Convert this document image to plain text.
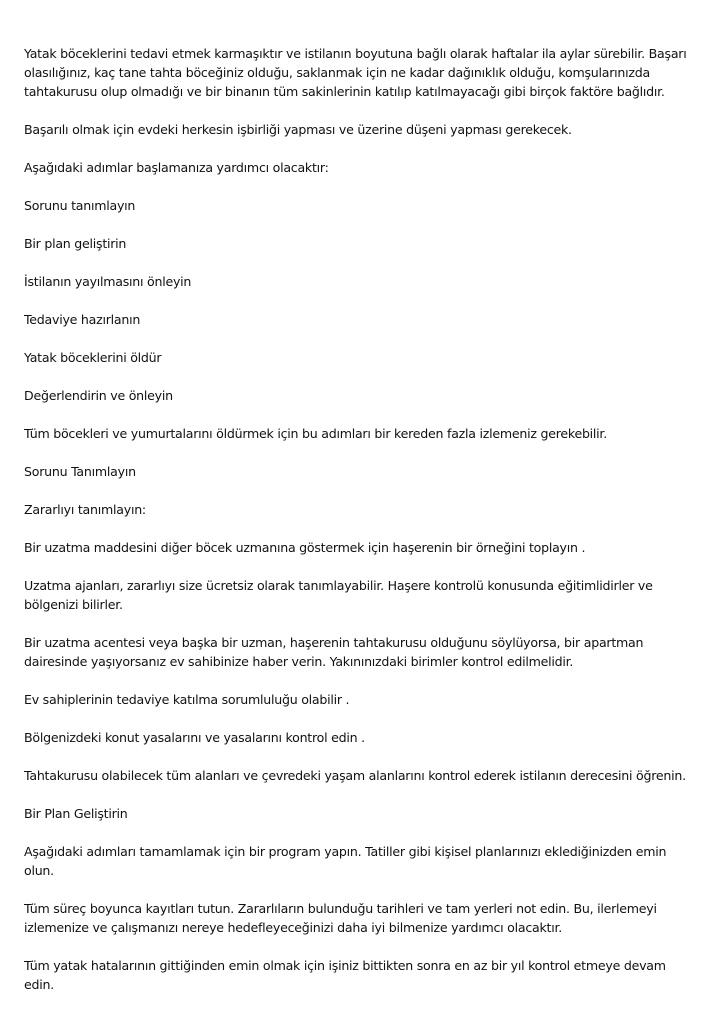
Yatak böceklerini tedavi etmek karmaşıktır ve istilanın boyutuna bağlı olarak haftalar ila aylar sürebilir. Başarı olasılığınız, kaç tane tahta böceğiniz olduğu, saklanmak için ne kadar dağınıklık olduğu, komşularınızda tahtakurusu olup olmadığı ve bir binanın tüm sakinlerinin katılıp katılmayacağı gibi birçok faktöre bağlıdır.

Başarılı olmak için evdeki herkesin işbirliği yapması ve üzerine düşeni yapması gerekecek.

Aşağıdaki adımlar başlamanıza yardımcı olacaktır:

Sorunu tanımlayın

Bir plan geliştirin

İstilanın yayılmasını önleyin

Tedaviye hazırlanın

Yatak böceklerini öldür

Değerlendirin ve önleyin

Tüm böcekleri ve yumurtalarını öldürmek için bu adımları bir kereden fazla izlemeniz gerekebilir.

Sorunu Tanımlayın

Zararlıyı tanımlayın:

Bir uzatma maddesini diğer böcek uzmanına göstermek için haşerenin bir örneğini toplayın .

Uzatma ajanları, zararlıyı size ücretsiz olarak tanımlayabilir. Haşere kontrolü konusunda eğitimlidirler ve bölgenizi bilirler.

Bir uzatma acentesi veya başka bir uzman, haşerenin tahtakurusu olduğunu söylüyorsa, bir apartman dairesinde yaşıyorsanız ev sahibinize haber verin. Yakınınızdaki birimler kontrol edilmelidir.

Ev sahiplerinin tedaviye katılma sorumluluğu olabilir .

Bölgenizdeki konut yasalarını ve yasalarını kontrol edin .

Tahtakurusu olabilecek tüm alanları ve çevredeki yaşam alanlarını kontrol ederek istilanın derecesini öğrenin.

Bir Plan Geliştirin

Aşağıdaki adımları tamamlamak için bir program yapın. Tatiller gibi kişisel planlarınızı eklediğinizden emin olun.

Tüm süreç boyunca kayıtları tutun. Zararlıların bulunduğu tarihleri ve tam yerleri not edin. Bu, ilerlemeyi izlemenize ve çalışmanızı nereye hedefleyeceğinizi daha iyi bilmenize yardımcı olacaktır.

Tüm yatak hatalarının gittiğinden emin olmak için işiniz bittikten sonra en az bir yıl kontrol etmeye devam edin.
